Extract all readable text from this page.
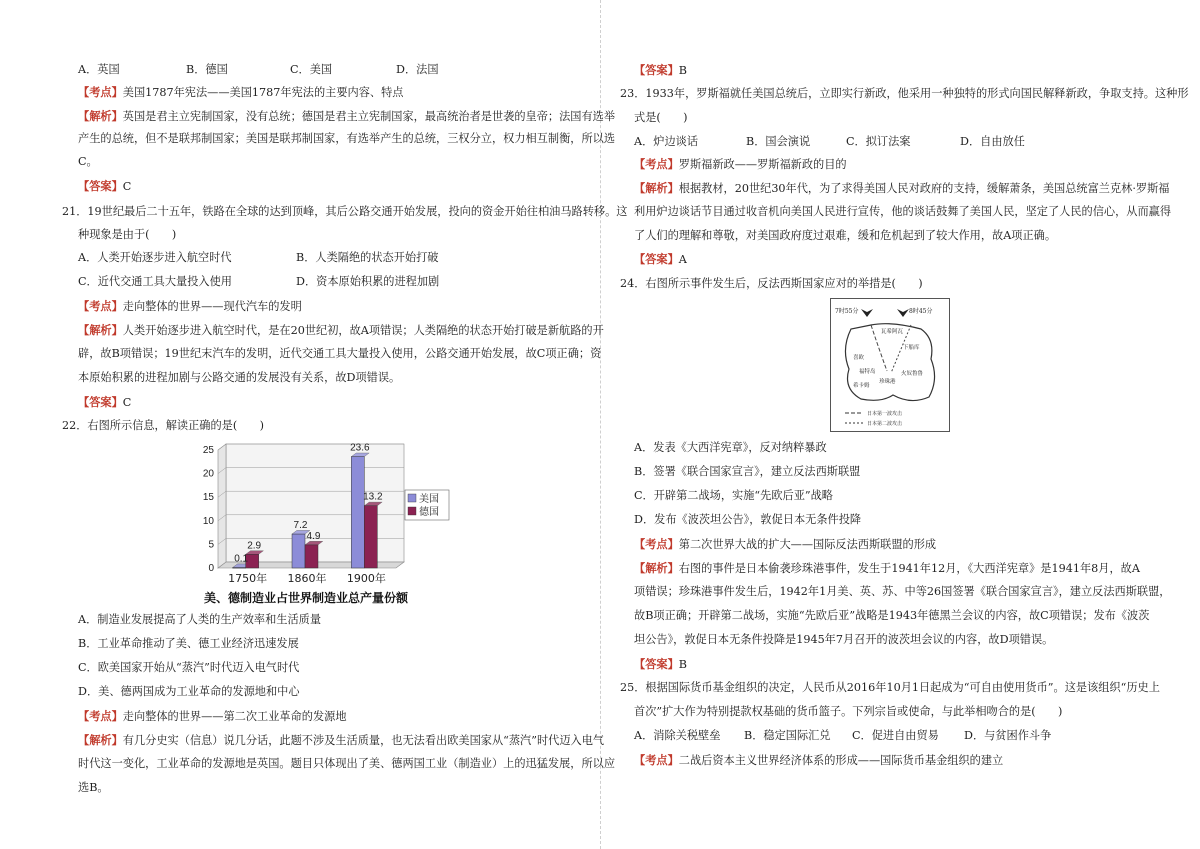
A．英国	B．德国	C．美国	D．法国
【考点】美国1787年宪法——美国1787年宪法的主要内容、特点
【解析】英国是君主立宪制国家，没有总统；德国是君主立宪制国家，最高统治者是世袭的皇帝；法国有选举
产生的总统，但不是联邦制国家；美国是联邦制国家，有选举产生的总统，三权分立，权力相互制衡，所以选
C。
【答案】C
21．19世纪最后二十五年，铁路在全球的达到顶峰，其后公路交通开始发展，投向的资金开始往柏油马路转移。这
种现象是由于(　　)
A．人类开始逐步进入航空时代	B．人类隔绝的状态开始打破
C．近代交通工具大量投入使用	D．资本原始积累的进程加剧
【考点】走向整体的世界——现代汽车的发明
【解析】人类开始逐步进入航空时代，是在20世纪初，故A项错误；人类隔绝的状态开始打破是新航路的开
辟，故B项错误；19世纪末汽车的发明，近代交通工具大量投入使用，公路交通开始发展，故C项正确；资
本原始积累的进程加剧与公路交通的发展没有关系，故D项错误。
【答案】C
22．右图所示信息，解读正确的是(　　)
0
5
10
15
20
25
0.1
2.9
1750年
7.2
4.9
1860年
23.6
13.2
1900年
美国
德国
美、德制造业占世界制造业总产量份额
A．制造业发展提高了人类的生产效率和生活质量
B．工业革命推动了美、德工业经济迅速发展
C．欧美国家开始从“蒸汽”时代迈入电气时代
D．美、德两国成为工业革命的发源地和中心
【考点】走向整体的世界——第二次工业革命的发源地
【解析】有几分史实（信息）说几分话，此题不涉及生活质量，也无法看出欧美国家从“蒸汽”时代迈入电气
时代这一变化，工业革命的发源地是英国。题目只体现出了美、德两国工业（制造业）上的迅猛发展，所以应
选B。
【答案】B
23．1933年，罗斯福就任美国总统后，立即实行新政，他采用一种独特的形式向国民解释新政，争取支持。这种形
式是(　　)
A．炉边谈话	B．国会演说	C．拟订法案	D．自由放任
【考点】罗斯福新政——罗斯福新政的目的
【解析】根据教材，20世纪30年代，为了求得美国人民对政府的支持，缓解萧条，美国总统富兰克林·罗斯福
利用炉边谈话节目通过收音机向美国人民进行宣传，他的谈话鼓舞了美国人民，坚定了人民的信心，从而赢得
了人们的理解和尊敬，对美国政府度过艰难，缓和危机起到了较大作用，故A项正确。
【答案】A
24．右图所示事件发生后，反法西斯国家应对的举措是(　　)
7时55分	8时45分
瓦希阿瓦
喜欧
福特岛
下船库
希卡姆
火奴鲁鲁
珍珠港
日本第一波攻击
日本第二波攻击
A．发表《大西洋宪章》，反对纳粹暴政
B．签署《联合国家宣言》，建立反法西斯联盟
C．开辟第二战场，实施“先欧后亚”战略
D．发布《波茨坦公告》，敦促日本无条件投降
【考点】第二次世界大战的扩大——国际反法西斯联盟的形成
【解析】右图的事件是日本偷袭珍珠港事件，发生于1941年12月，《大西洋宪章》是1941年8月，故A
项错误；珍珠港事件发生后，1942年1月美、英、苏、中等26国签署《联合国家宣言》，建立反法西斯联盟，
故B项正确；开辟第二战场，实施“先欧后亚”战略是1943年德黑兰会议的内容，故C项错误；发布《波茨
坦公告》，敦促日本无条件投降是1945年7月召开的波茨坦会议的内容，故D项错误。
【答案】B
25．根据国际货币基金组织的决定，人民币从2016年10月1日起成为“可自由使用货币”。这是该组织“历史上
首次”扩大作为特别提款权基础的货币篮子。下列宗旨或使命，与此举相吻合的是(　　)
A．消除关税壁垒 B．稳定国际汇兑 C．促进自由贸易 D．与贫困作斗争
【考点】二战后资本主义世界经济体系的形成——国际货币基金组织的建立
